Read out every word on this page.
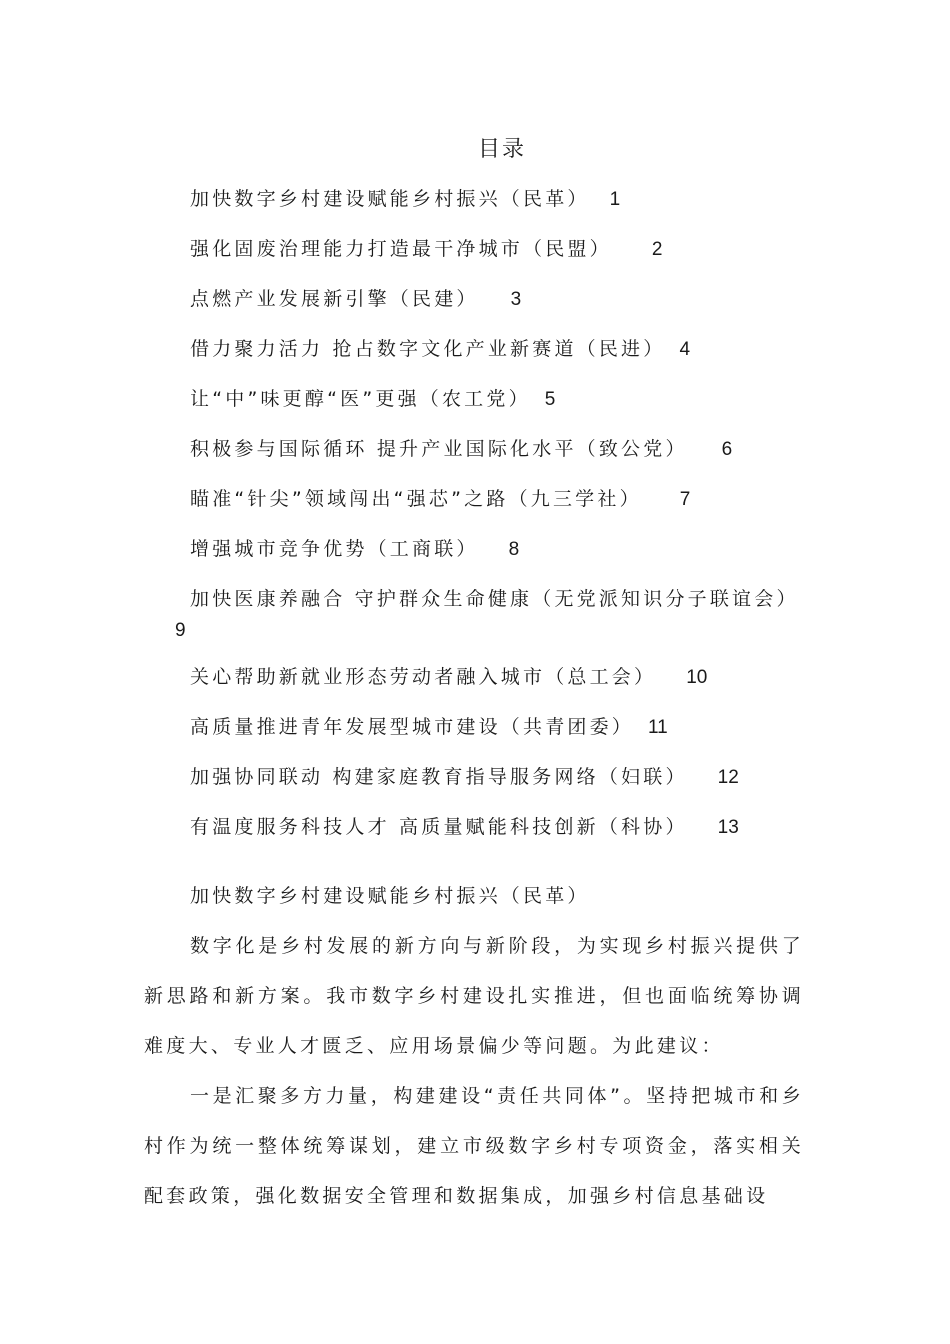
目录
加快数字乡村建设赋能乡村振兴（民革） 1
强化固废治理能力打造最干净城市（民盟） 2
点燃产业发展新引擎（民建） 3
借力聚力活力 抢占数字文化产业新赛道（民进） 4
让“中”味更醇“医”更强（农工党） 5
积极参与国际循环 提升产业国际化水平（致公党） 6
瞄准“针尖”领域闯出“强芯”之路（九三学社） 7
增强城市竞争优势（工商联） 8
加快医康养融合 守护群众生命健康（无党派知识分子联谊会）
9
关心帮助新就业形态劳动者融入城市（总工会） 10
高质量推进青年发展型城市建设（共青团委） 11
加强协同联动 构建家庭教育指导服务网络（妇联） 12
有温度服务科技人才 高质量赋能科技创新（科协） 13
加快数字乡村建设赋能乡村振兴（民革）

数字化是乡村发展的新方向与新阶段，为实现乡村振兴提供了新思路和新方案。我市数字乡村建设扎实推进，但也面临统筹协调难度大、专业人才匮乏、应用场景偏少等问题。为此建议：

一是汇聚多方力量，构建建设“责任共同体”。坚持把城市和乡村作为统一整体统筹谋划，建立市级数字乡村专项资金，落实相关配套政策，强化数据安全管理和数据集成，加强乡村信息基础设
